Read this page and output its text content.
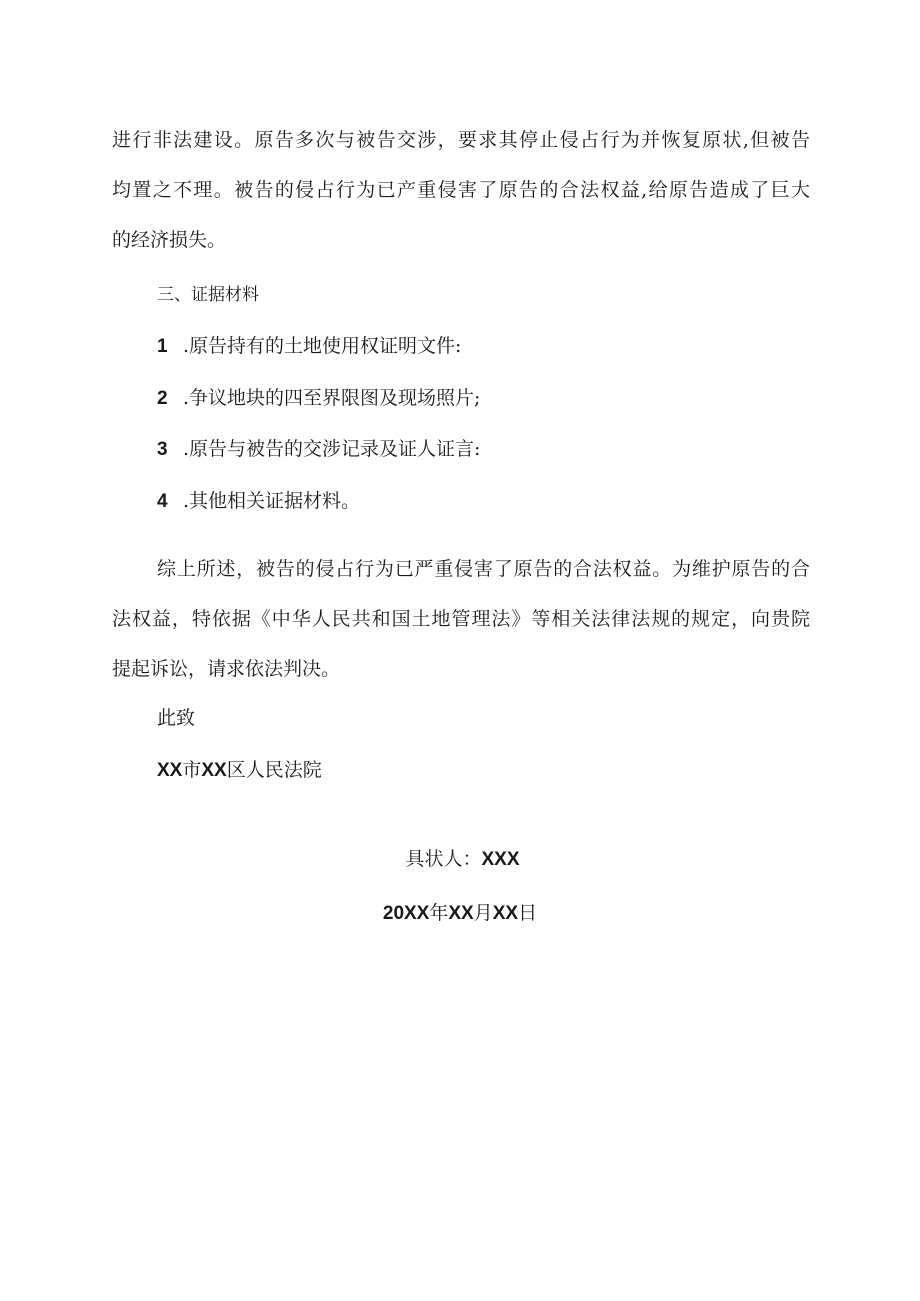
进行非法建设。原告多次与被告交涉，要求其停止侵占行为并恢复原状,但被告
均置之不理。被告的侵占行为已产重侵害了原告的合法权益,给原告造成了巨大
的经济损失。
三、证据材料
1 .原告持有的土地使用权证明文件:
2 .争议地块的四至界限图及现场照片;
3 .原告与被告的交涉记录及证人证言:
4 .其他相关证据材料。
综上所述，被告的侵占行为已严重侵害了原告的合法权益。为维护原告的合
法权益，特依据《中华人民共和国土地管理法》等相关法律法规的规定，向贵院
提起诉讼，请求依法判决。
此致
XX市XX区人民法院
具状人：XXX
20XX年XX月XX日
